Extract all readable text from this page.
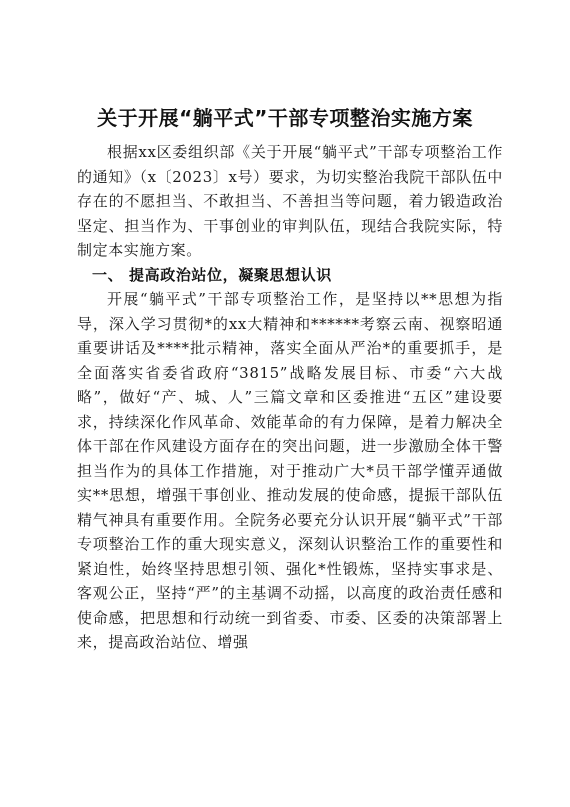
关于开展“躺平式”干部专项整治实施方案

根据xx区委组织部《关于开展“躺平式”干部专项整治工作的通知》（x〔2023〕x号）要求，为切实整治我院干部队伍中存在的不愿担当、不敢担当、不善担当等问题，着力锻造政治坚定、担当作为、干事创业的审判队伍，现结合我院实际，特制定本实施方案。

一、 提高政治站位，凝聚思想认识

开展“躺平式”干部专项整治工作，是坚持以**思想为指导，深入学习贯彻*的xx大精神和******考察云南、视察昭通重要讲话及****批示精神，落实全面从严治*的重要抓手，是全面落实省委省政府“3815”战略发展目标、市委“六大战略”，做好“产、城、人”三篇文章和区委推进“五区”建设要求，持续深化作风革命、效能革命的有力保障，是着力解决全体干部在作风建设方面存在的突出问题，进一步激励全体干警担当作为的具体工作措施，对于推动广大*员干部学懂弄通做实**思想，增强干事创业、推动发展的使命感，提振干部队伍精气神具有重要作用。全院务必要充分认识开展“躺平式”干部专项整治工作的重大现实意义，深刻认识整治工作的重要性和紧迫性，始终坚持思想引领、强化*性锻炼，坚持实事求是、客观公正，坚持“严”的主基调不动摇，以高度的政治责任感和使命感，把思想和行动统一到省委、市委、区委的决策部署上来，提高政治站位、增强
